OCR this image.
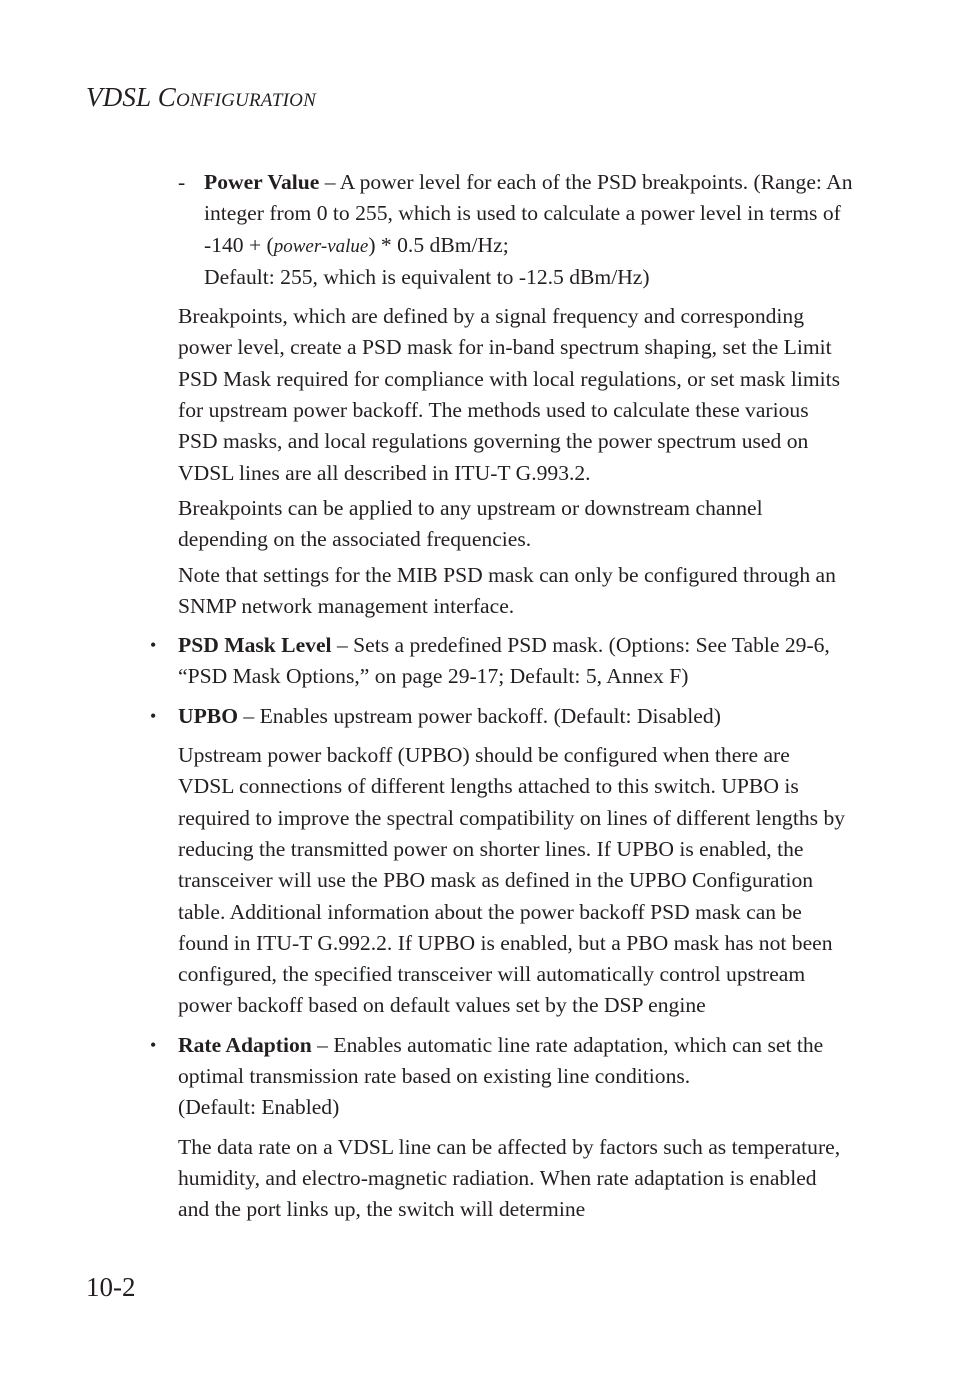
VDSL CONFIGURATION
- Power Value – A power level for each of the PSD breakpoints. (Range: An integer from 0 to 255, which is used to calculate a power level in terms of -140 + (power-value) * 0.5 dBm/Hz;
Default: 255, which is equivalent to -12.5 dBm/Hz)

Breakpoints, which are defined by a signal frequency and corresponding power level, create a PSD mask for in-band spectrum shaping, set the Limit PSD Mask required for compliance with local regulations, or set mask limits for upstream power backoff. The methods used to calculate these various PSD masks, and local regulations governing the power spectrum used on VDSL lines are all described in ITU-T G.993.2.

Breakpoints can be applied to any upstream or downstream channel depending on the associated frequencies.

Note that settings for the MIB PSD mask can only be configured through an SNMP network management interface.

• PSD Mask Level – Sets a predefined PSD mask. (Options: See Table 29-6, “PSD Mask Options,” on page 29-17; Default: 5, Annex F)
• UPBO – Enables upstream power backoff. (Default: Disabled)

Upstream power backoff (UPBO) should be configured when there are VDSL connections of different lengths attached to this switch. UPBO is required to improve the spectral compatibility on lines of different lengths by reducing the transmitted power on shorter lines. If UPBO is enabled, the transceiver will use the PBO mask as defined in the UPBO Configuration table. Additional information about the power backoff PSD mask can be found in ITU-T G.992.2. If UPBO is enabled, but a PBO mask has not been configured, the specified transceiver will automatically control upstream power backoff based on default values set by the DSP engine

• Rate Adaption – Enables automatic line rate adaptation, which can set the optimal transmission rate based on existing line conditions.
(Default: Enabled)

The data rate on a VDSL line can be affected by factors such as temperature, humidity, and electro-magnetic radiation. When rate adaptation is enabled and the port links up, the switch will determine

10-2
